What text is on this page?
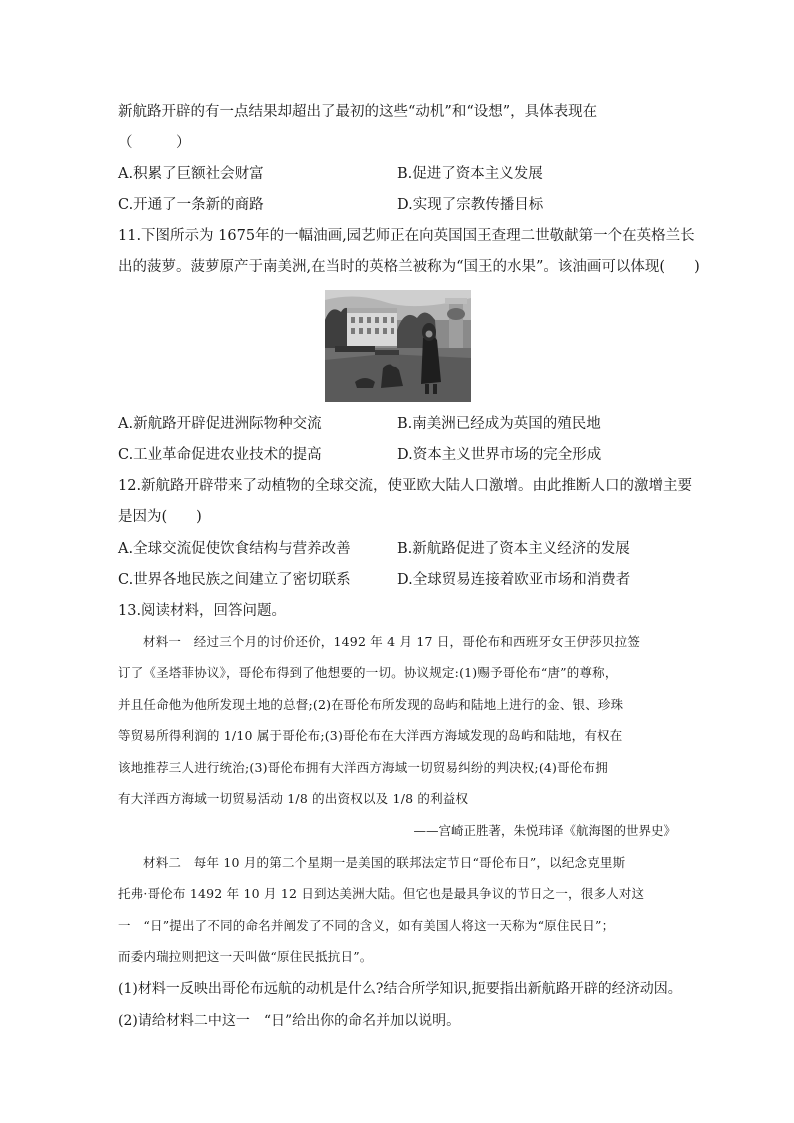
新航路开辟的有一点结果却超出了最初的这些“动机”和“设想”，具体表现在
（　　　）
A.积累了巨额社会财富	B.促进了资本主义发展
C.开通了一条新的商路	D.实现了宗教传播目标
11.下图所示为 1675年的一幅油画,园艺师正在向英国国王查理二世敬献第一个在英格兰长
出的菠萝。菠萝原产于南美洲,在当时的英格兰被称为“国王的水果”。该油画可以体现(　　)
A.新航路开辟促进洲际物种交流	B.南美洲已经成为英国的殖民地
C.工业革命促进农业技术的提高	D.资本主义世界市场的完全形成
12.新航路开辟带来了动植物的全球交流，使亚欧大陆人口激增。由此推断人口的激增主要
是因为(　　)
A.全球交流促使饮食结构与营养改善	B.新航路促进了资本主义经济的发展
C.世界各地民族之间建立了密切联系	D.全球贸易连接着欧亚市场和消费者
13.阅读材料，回答问题。
材料一　经过三个月的讨价还价，1492 年 4 月 17 日，哥伦布和西班牙女王伊莎贝拉签
订了《圣塔菲协议》，哥伦布得到了他想要的一切。协议规定:(1)赐予哥伦布“唐”的尊称，
并且任命他为他所发现土地的总督;(2)在哥伦布所发现的岛屿和陆地上进行的金、银、珍珠
等贸易所得利润的 1/10 属于哥伦布;(3)哥伦布在大洋西方海域发现的岛屿和陆地，有权在
该地推荐三人进行统治;(3)哥伦布拥有大洋西方海域一切贸易纠纷的判决权;(4)哥伦布拥
有大洋西方海域一切贸易活动 1/8 的出资权以及 1/8 的利益权
——宫崎正胜著，朱悦玮译《航海图的世界史》
材料二　每年 10 月的第二个星期一是美国的联邦法定节日“哥伦布日”，以纪念克里斯
托弗·哥伦布 1492 年 10 月 12 日到达美洲大陆。但它也是最具争议的节日之一，很多人对这
一　“日”提出了不同的命名并阐发了不同的含义，如有美国人将这一天称为“原住民日”；
而委内瑞拉则把这一天叫做“原住民抵抗日”。
(1)材料一反映出哥伦布远航的动机是什么?结合所学知识,扼要指出新航路开辟的经济动因。
(2)请给材料二中这一　“日”给出你的命名并加以说明。
